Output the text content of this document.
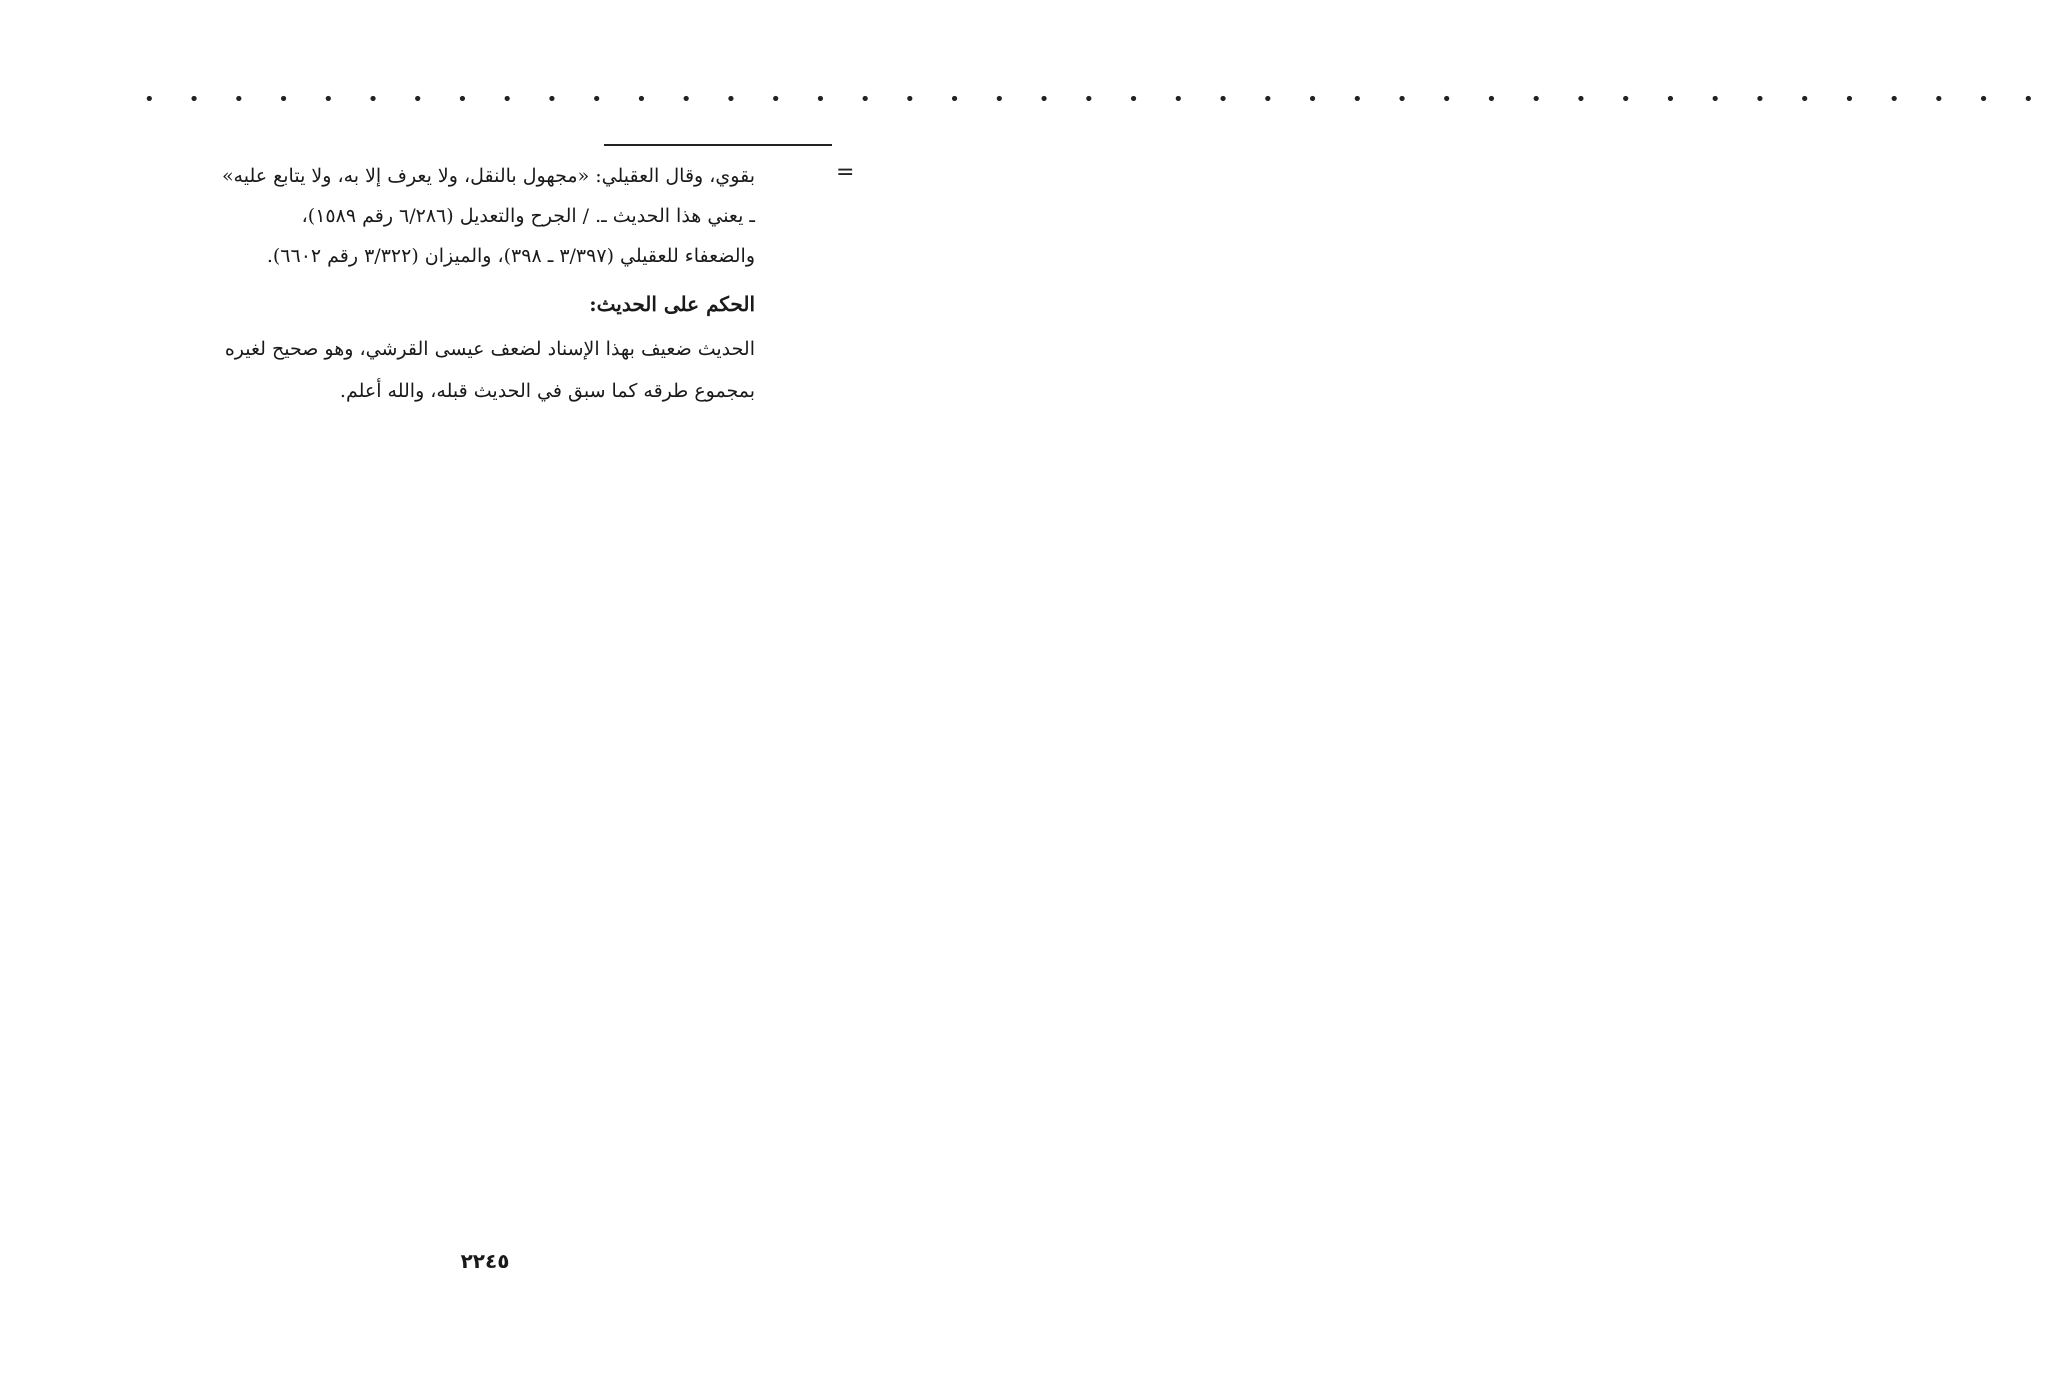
• • • • • • • • • • • • • • • • • • • • • • • • • • • • • • • • • • • • • • • • • • •
=
بقوي، وقال العقيلي: «مجهول بالنقل، ولا يعرف إلا به، ولا يتابع عليه»
ـ يعني هذا الحديث ـ. / الجرح والتعديل (٦/٢٨٦ رقم ١٥٨٩)،
والضعفاء للعقيلي (٣/٣٩٧ ـ ٣٩٨)، والميزان (٣/٣٢٢ رقم ٦٦٠٢).
الحكم على الحديث:
الحديث ضعيف بهذا الإسناد لضعف عيسى القرشي، وهو صحيح لغيره
بمجموع طرقه كما سبق في الحديث قبله، والله أعلم.
٢٢٤٥
